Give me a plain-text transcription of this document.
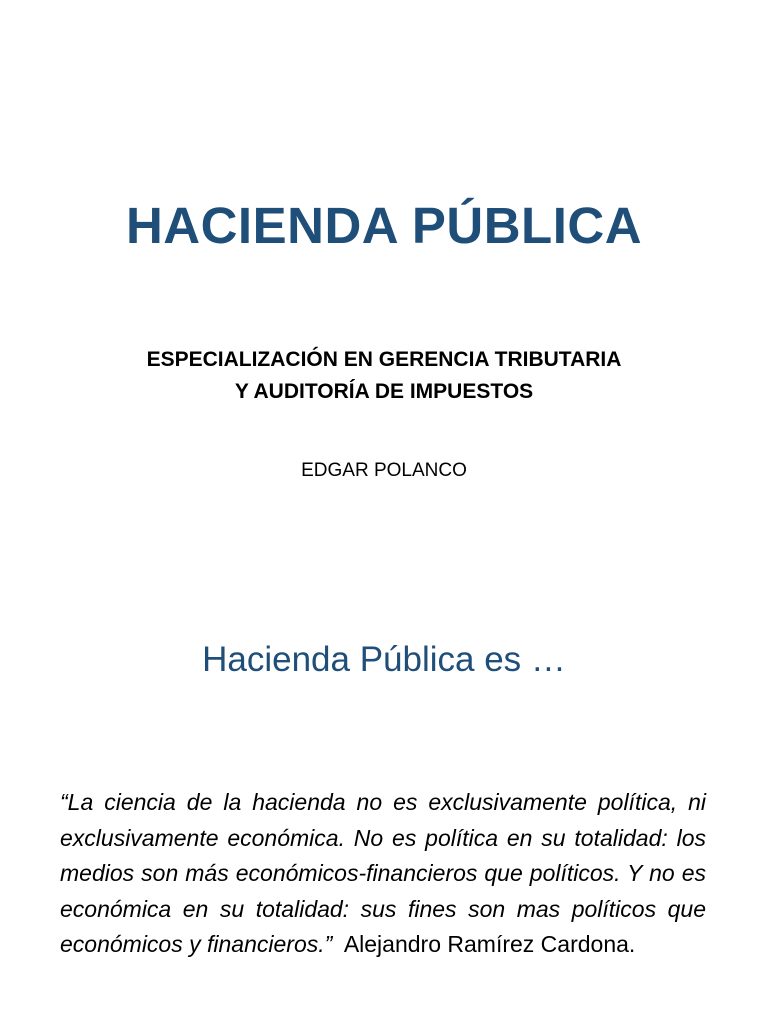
HACIENDA PÚBLICA
ESPECIALIZACIÓN EN GERENCIA TRIBUTARIA
Y AUDITORÍA DE IMPUESTOS
EDGAR POLANCO
Hacienda Pública es …

“La ciencia de la hacienda no es exclusivamente política, ni exclusivamente económica. No es política en su totalidad: los medios son más económicos-financieros que políticos. Y no es económica en su totalidad: sus fines son mas políticos que económicos y financieros.” Alejandro Ramírez Cardona.
